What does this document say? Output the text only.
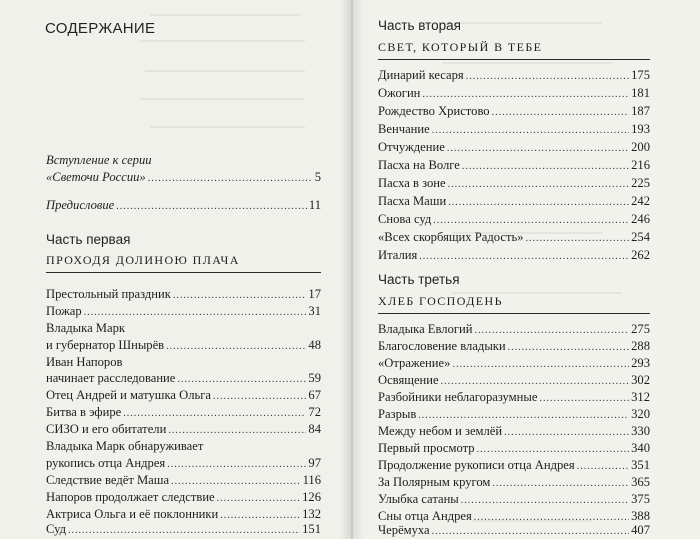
СОДЕРЖАНИЕ
Вступление к серии
«Светочи России» .....	5
Предисловие .....	11
Часть первая
ПРОХОДЯ ДОЛИНОЮ ПЛАЧА
Престольный праздник .....	17
Пожар .....	31
Владыка Марк
и губернатор Шнырёв .....	48
Иван Напоров
начинает расследование .....	59
Отец Андрей и матушка Ольга .....	67
Битва в эфире .....	72
СИЗО и его обитатели .....	84
Владыка Марк обнаруживает
рукопись отца Андрея .....	97
Следствие ведёт Маша .....	116
Напоров продолжает следствие .....	126
Актриса Ольга и её поклонники .....	132
Суд .....	151
Часть вторая
СВЕТ, КОТОРЫЙ В ТЕБЕ
Динарий кесаря .....	175
Ожогин .....	181
Рождество Христово .....	187
Венчание .....	193
Отчуждение .....	200
Пасха на Волге .....	216
Пасха в зоне .....	225
Пасха Маши .....	242
Снова суд .....	246
«Всех скорбящих Радость» .....	254
Италия .....	262
Часть третья
ХЛЕБ ГОСПОДЕНЬ
Владыка Евлогий .....	275
Благословение владыки .....	288
«Отражение» .....	293
Освящение .....	302
Разбойники неблагоразумные .....	312
Разрыв .....	320
Между небом и землёй .....	330
Первый просмотр .....	340
Продолжение рукописи отца Андрея .....	351
За Полярным кругом .....	365
Улыбка сатаны .....	375
Сны отца Андрея .....	388
Черёмуха .....	407
